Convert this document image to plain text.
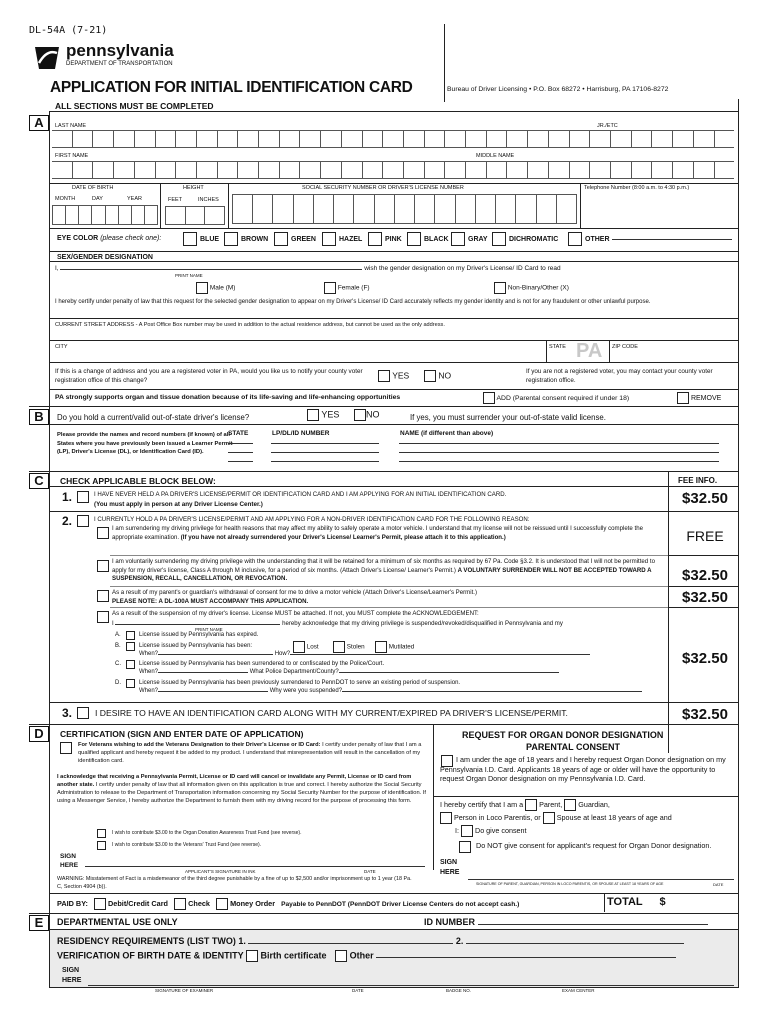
DL-54A (7-21)
pennsylvania
DEPARTMENT OF TRANSPORTATION
APPLICATION FOR INITIAL IDENTIFICATION CARD	Bureau of Driver Licensing • P.O. Box 68272 • Harrisburg, PA 17106-8272
ALL SECTIONS MUST BE COMPLETED
A	LAST NAME	JR./ETC
FIRST NAME	MIDDLE NAME
DATE OF BIRTH
MONTH	DAY	YEAR
HEIGHT
FEET	INCHES
SOCIAL SECURITY NUMBER OR DRIVER'S LICENSE NUMBER	Telephone Number (8:00 a.m. to 4:30 p.m.)
EYE COLOR (please check one):	BLUE	BROWN	GREEN	HAZEL	PINK	BLACK	GRAY	DICHROMATIC	OTHER
SEX/GENDER DESIGNATION
I,	wish the gender designation on my Driver's License/ ID Card to read
PRINT NAME
Male (M)	Female (F)	Non-Binary/Other (X)
I hereby certify under penalty of law that this request for the selected gender designation to appear on my Driver's License/ ID Card accurately reflects my gender identity and is not for any fraudulent or other unlawful purpose.
CURRENT STREET ADDRESS - A Post Office Box number may be used in addition to the actual residence address, but cannot be used as the only address.
CITY	STATE PA ZIP CODE
If this is a change of address and you are a registered voter in PA, would you like us to notify your county voter registration office of this change?
YES	NO	If you are not a registered voter, you may contact your county voter registration office.
PA strongly supports organ and tissue donation because of its life-saving and life-enhancing opportunities	ADD (Parental consent required if under 18)	REMOVE
B	Do you hold a current/valid out-of-state driver's license?	YES	NO	If yes, you must surrender your out-of-state valid license.
Please provide the names and record numbers (if known) of all States where you have previously been issued a Learner Permit (LP), Driver's License (DL), or Identification Card (ID).
STATE	LP/DL/ID NUMBER	NAME (if different than above)
C	CHECK APPLICABLE BLOCK BELOW:	FEE INFO.
1.	I HAVE NEVER HELD A PA DRIVER'S LICENSE/PERMIT OR IDENTIFICATION CARD AND I AM APPLYING FOR AN INITIAL IDENTIFICATION CARD.
(You must apply in person at any Driver License Center.)	$32.50
2.	I CURRENTLY HOLD A PA DRIVER'S LICENSE/PERMIT AND AM APPLYING FOR A NON-DRIVER IDENTIFICATION CARD FOR THE FOLLOWING REASON:
I am surrendering my driving privilege for health reasons that may affect my ability to safely operate a motor vehicle. I understand that my license will not be reissued until I successfully complete the appropriate examination. (If you have not already surrendered your Driver's License/ Learner's Permit, please attach it to this application.)	FREE
I am voluntarily surrendering my driving privilege with the understanding that it will be retained for a minimum of six months as required by 67 Pa. Code §3.2. It is understood that I will not be permitted to apply for my driver's license, Class A through M inclusive, for a period of six months. (Attach Driver's License/ Learner's Permit.) A VOLUNTARY SURRENDER WILL NOT BE ACCEPTED TOWARD A SUSPENSION, RECALL, CANCELLATION, OR REVOCATION.	$32.50
As a result of my parent's or guardian's withdrawal of consent for me to drive a motor vehicle (Attach Driver's License/Learner's Permit.)
PLEASE NOTE: A DL-100A MUST ACCOMPANY THIS APPLICATION.	$32.50
As a result of the suspension of my driver's license. License MUST be attached. If not, you MUST complete the ACKNOWLEDGEMENT:
I	hereby acknowledge that my driving privilege is suspended/revoked/disqualified in Pennsylvania and my
PRINT NAME
A.	License issued by Pennsylvania has expired.
B.	License issued by Pennsylvania has been:	Lost	Stolen	Mutilated
When?	How?
C.	License issued by Pennsylvania has been surrendered to or confiscated by the Police/Court.
When?	What Police Department/County?
D.	License issued by Pennsylvania has been previously surrendered to PennDOT to serve an existing period of suspension.
When?	Why were you suspended?
$32.50
3.	I DESIRE TO HAVE AN IDENTIFICATION CARD ALONG WITH MY CURRENT/EXPIRED PA DRIVER'S LICENSE/PERMIT.	$32.50
D	CERTIFICATION (SIGN AND ENTER DATE OF APPLICATION)
For Veterans wishing to add the Veterans Designation to their Driver's License or ID Card: I certify under penalty of law that I am a qualified applicant and hereby request it be added to my product. I understand that misrepresentation will result in the cancellation of my identification card.
I acknowledge that receiving a Pennsylvania Permit, License or ID card will cancel or invalidate any Permit, License or ID card from another state. I certify under penalty of law that all information given on this application is true and correct. I hereby authorize the Social Security Administration to release to the Department of Transportation information concerning my Social Security Number for the purpose of identification. If using a Messenger Service, I hereby authorize the Department to furnish them with my driving record for the purpose of processing this form.
I wish to contribute $3.00 to the Organ Donation Awareness Trust Fund (see reverse).
I wish to contribute $3.00 to the Veterans' Trust Fund (see reverse).
SIGN HERE
APPLICANT'S SIGNATURE IN INK	DATE
WARNING: Misstatement of Fact is a misdemeanor of the third degree punishable by a fine of up to $2,500 and/or imprisonment up to 1 year (18 Pa. C, Section 4904 (b)).
REQUEST FOR ORGAN DONOR DESIGNATION
PARENTAL CONSENT
I am under the age of 18 years and I hereby request Organ Donor designation on my Pennsylvania I.D. Card. Applicants 18 years of age or older will have the opportunity to request Organ Donor designation on my Pennsylvania I.D. Card.
I hereby certify that I am a Parent, Guardian,
Person in Loco Parentis, or Spouse at least 18 years of age and
I: Do give consent
Do NOT give consent for applicant's request for Organ Donor designation.
SIGN HERE
SIGNATURE OF PARENT, GUARDIAN, PERSON IN LOCO PARENTIS, OR SPOUSE AT LEAST 18 YEARS OF AGE	DATE
PAID BY:	Debit/Credit Card	Check	Money Order Payable to PennDOT (PennDOT Driver License Centers do not accept cash.)	TOTAL $
E	DEPARTMENTAL USE ONLY	ID NUMBER
RESIDENCY REQUIREMENTS (LIST TWO) 1.	2.
VERIFICATION OF BIRTH DATE & IDENTITY Birth certificate	Other
SIGN HERE
SIGNATURE OF EXAMINER	DATE	BADGE NO.	EXAM CENTER
